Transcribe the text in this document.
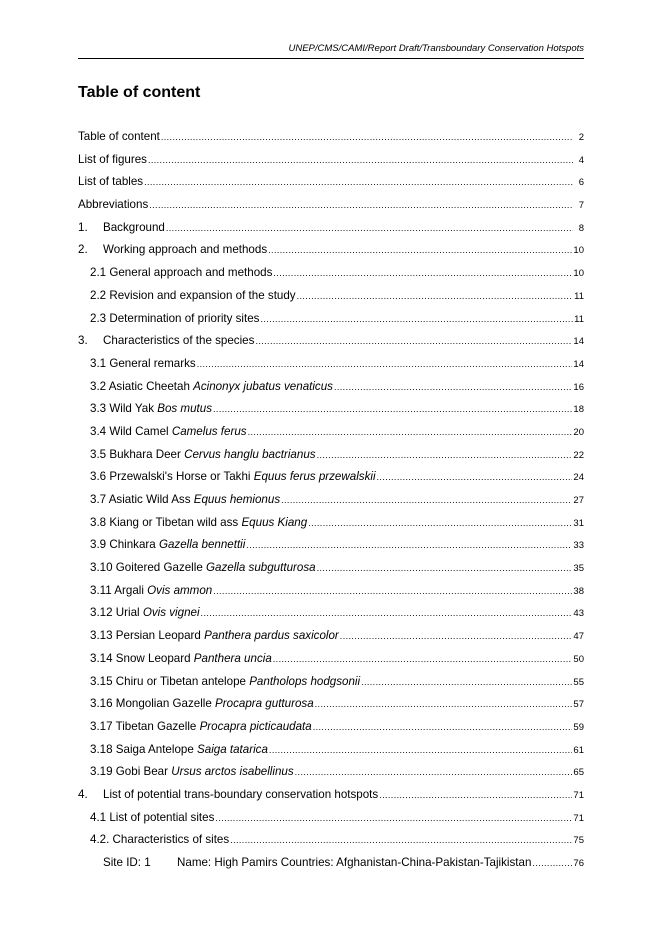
UNEP/CMS/CAMI/Report Draft/Transboundary Conservation Hotspots
Table of content
Table of content .....	2
List of figures .....	4
List of tables .....	6
Abbreviations .....	7
1.	Background .....	8
2.	Working approach and methods .....	10
2.1 General approach and methods .....	10
2.2 Revision and expansion of the study .....	11
2.3 Determination of priority sites .....	11
3.	Characteristics of the species .....	14
3.1 General remarks .....	14
3.2 Asiatic Cheetah Acinonyx jubatus venaticus .....	16
3.3 Wild Yak Bos mutus .....	18
3.4 Wild Camel Camelus ferus .....	20
3.5 Bukhara Deer Cervus hanglu bactrianus .....	22
3.6 Przewalski's Horse or Takhi Equus ferus przewalskii .....	24
3.7 Asiatic Wild Ass Equus hemionus .....	27
3.8 Kiang or Tibetan wild ass Equus Kiang .....	31
3.9 Chinkara Gazella bennettii .....	33
3.10 Goitered Gazelle Gazella subgutturosa .....	35
3.11 Argali Ovis ammon .....	38
3.12 Urial Ovis vignei .....	43
3.13 Persian Leopard Panthera pardus saxicolor .....	47
3.14 Snow Leopard Panthera uncia .....	50
3.15 Chiru or Tibetan antelope Pantholops hodgsonii .....	55
3.16 Mongolian Gazelle Procapra gutturosa .....	57
3.17 Tibetan Gazelle Procapra picticaudata .....	59
3.18 Saiga Antelope Saiga tatarica .....	61
3.19 Gobi Bear Ursus arctos isabellinus .....	65
4.	List of potential trans-boundary conservation hotspots .....	71
4.1 List of potential sites .....	71
4.2. Characteristics of sites .....	75
Site ID: 1	Name: High Pamirs Countries: Afghanistan-China-Pakistan-Tajikistan .....	76
